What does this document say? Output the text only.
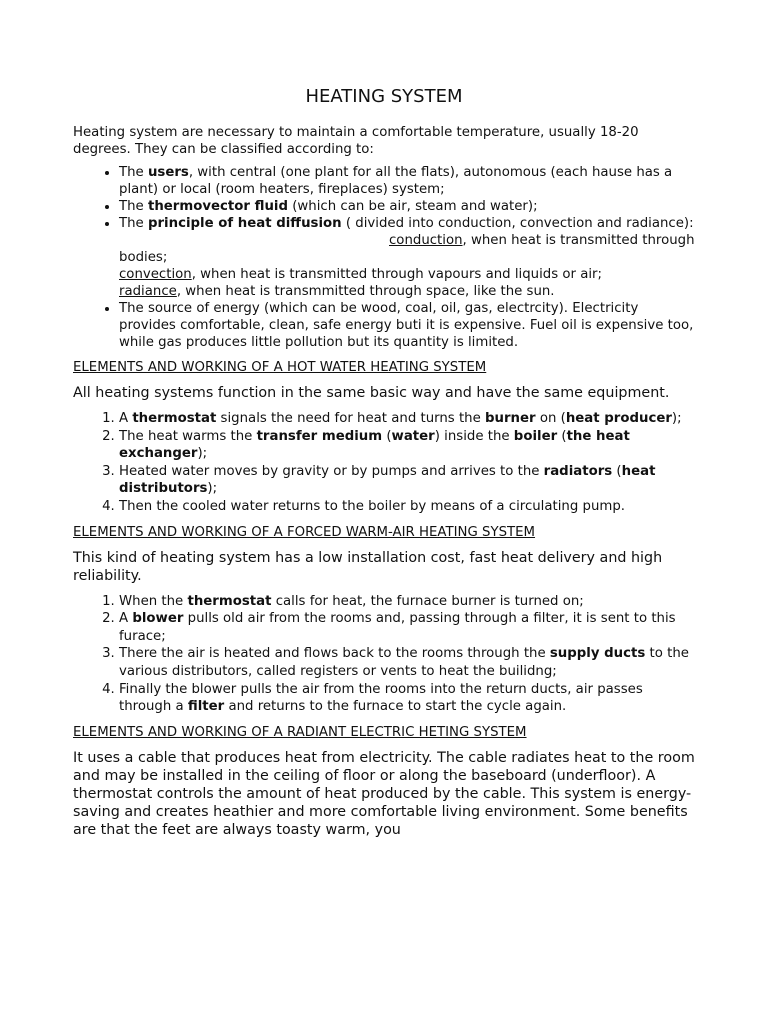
HEATING SYSTEM

Heating system are necessary to maintain a comfortable temperature, usually 18-20 degrees. They can be classified according to:

• The users, with central (one plant for all the flats), autonomous (each hause has a plant) or local (room heaters, fireplaces) system;
• The thermovector fluid (which can be air, steam and water);
• The principle of heat diffusion ( divided into conduction, convection and radiance):conduction, when heat is transmitted through bodies;
convection, when heat is transmitted through vapours and liquids or air;
radiance, when heat is transmmitted through space, like the sun.
• The source of energy (which can be wood, coal, oil, gas, electrcity). Electricity provides comfortable, clean, safe energy buti it is expensive. Fuel oil is expensive too, while gas produces little pollution but its quantity is limited.

ELEMENTS AND WORKING OF A HOT WATER HEATING SYSTEM

All heating systems function in the same basic way and have the same equipment.

1. A thermostat signals the need for heat and turns the burner on (heat producer);
2. The heat warms the transfer medium (water) inside the boiler (the heat exchanger);
3. Heated water moves by gravity or by pumps and arrives to the radiators (heat distributors);
4. Then the cooled water returns to the boiler by means of a circulating pump.

ELEMENTS AND WORKING OF A FORCED WARM-AIR HEATING SYSTEM

This kind of heating system has a low installation cost, fast heat delivery and high reliability.

1. When the thermostat calls for heat, the furnace burner is turned on;
2. A blower pulls old air from the rooms and, passing through a filter, it is sent to this furace;
3. There the air is heated and flows back to the rooms through the supply ducts to the various distributors, called registers or vents to heat the builidng;
4. Finally the blower pulls the air from the rooms into the return ducts, air passes through a filter and returns to the furnace to start the cycle again.

ELEMENTS AND WORKING OF A RADIANT ELECTRIC HETING SYSTEM

It uses a cable that produces heat from electricity. The cable radiates heat to the room and may be installed in the ceiling of floor or along the baseboard (underfloor). A thermostat controls the amount of heat produced by the cable. This system is energy-saving and creates heathier and more comfortable living environment. Some benefits are that the feet are always toasty warm, you
